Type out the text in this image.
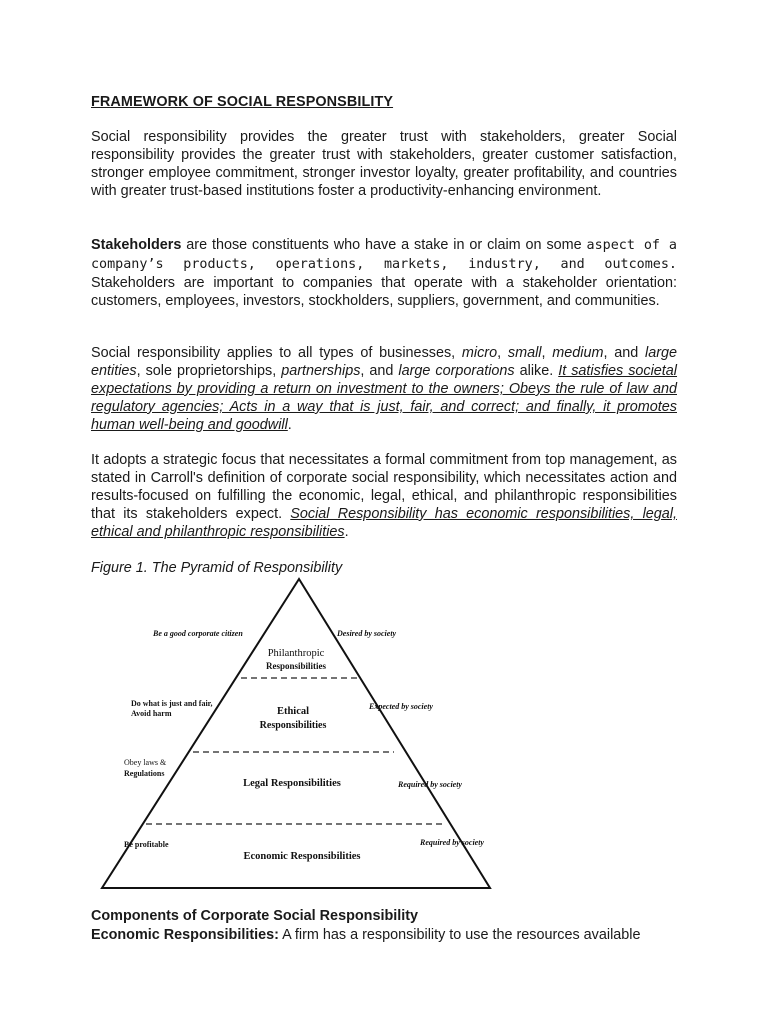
FRAMEWORK OF SOCIAL RESPONSBILITY
Social responsibility provides the greater trust with stakeholders, greater Social responsibility provides the greater trust with stakeholders, greater customer satisfaction, stronger employee commitment, stronger investor loyalty, greater profitability, and countries with greater trust-based institutions foster a productivity-enhancing environment.
Stakeholders are those constituents who have a stake in or claim on some aspect of a company’s products, operations, markets, industry, and outcomes. Stakeholders are important to companies that operate with a stakeholder orientation: customers, employees, investors, stockholders, suppliers, government, and communities.
Social responsibility applies to all types of businesses, micro, small, medium, and large entities, sole proprietorships, partnerships, and large corporations alike. It satisfies societal expectations by providing a return on investment to the owners; Obeys the rule of law and regulatory agencies; Acts in a way that is just, fair, and correct; and finally, it promotes human well-being and goodwill.
It adopts a strategic focus that necessitates a formal commitment from top management, as stated in Carroll's definition of corporate social responsibility, which necessitates action and results-focused on fulfilling the economic, legal, ethical, and philanthropic responsibilities that its stakeholders expect. Social Responsibility has economic responsibilities, legal, ethical and philanthropic responsibilities.
Figure 1. The Pyramid of Responsibility
Philanthropic
Responsibilities
Be a good corporate citizen	Desired by society
Ethical
Responsibilities
Do what is just and fair,
Avoid harm
Expected by society
Legal Responsibilities
Obey laws &
Regulations
Required by society
Economic Responsibilities
Be profitable	Required by society
Components of Corporate Social Responsibility
Economic Responsibilities: A firm has a responsibility to use the resources available
